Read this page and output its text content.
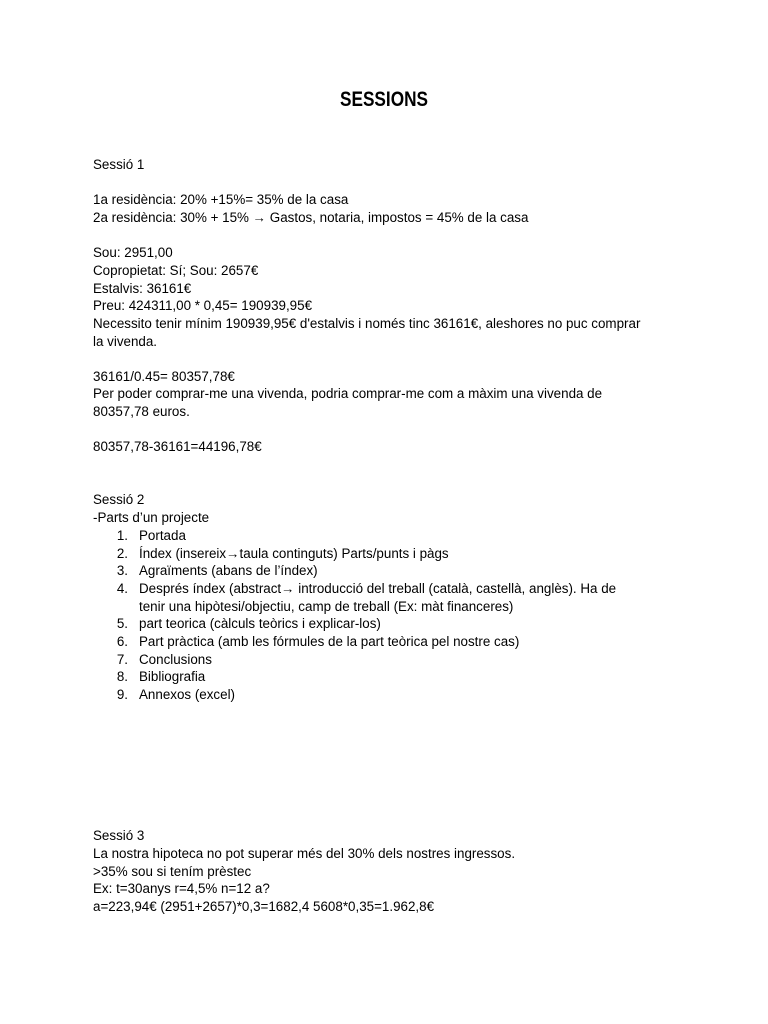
SESSIONS
Sessió 1
1a residència: 20% +15%= 35% de la casa
2a residència: 30% + 15% → Gastos, notaria, impostos = 45% de la casa
Sou: 2951,00
Copropietat: Sí; Sou: 2657€
Estalvis: 36161€
Preu: 424311,00 * 0,45= 190939,95€
Necessito tenir mínim 190939,95€ d'estalvis i només tinc 36161€, aleshores no puc comprar
la vivenda.
36161/0.45= 80357,78€
Per poder comprar-me una vivenda, podria comprar-me com a màxim una vivenda de
80357,78 euros.
80357,78-36161=44196,78€
Sessió 2
-Parts d’un projecte
1. Portada
2. Índex (insereix→taula continguts) Parts/punts i pàgs
3. Agraïments (abans de l’índex)
4. Després índex (abstract→ introducció del treball (català, castellà, anglès). Ha de
tenir una hipòtesi/objectiu, camp de treball (Ex: màt financeres)
5. part teorica (càlculs teòrics i explicar-los)
6. Part pràctica (amb les fórmules de la part teòrica pel nostre cas)
7. Conclusions
8. Bibliografia
9. Annexos (excel)
Sessió 3
La nostra hipoteca no pot superar més del 30% dels nostres ingressos.
>35% sou si tením prèstec
Ex: t=30anys r=4,5% n=12 a?
a=223,94€ (2951+2657)*0,3=1682,4 5608*0,35=1.962,8€
